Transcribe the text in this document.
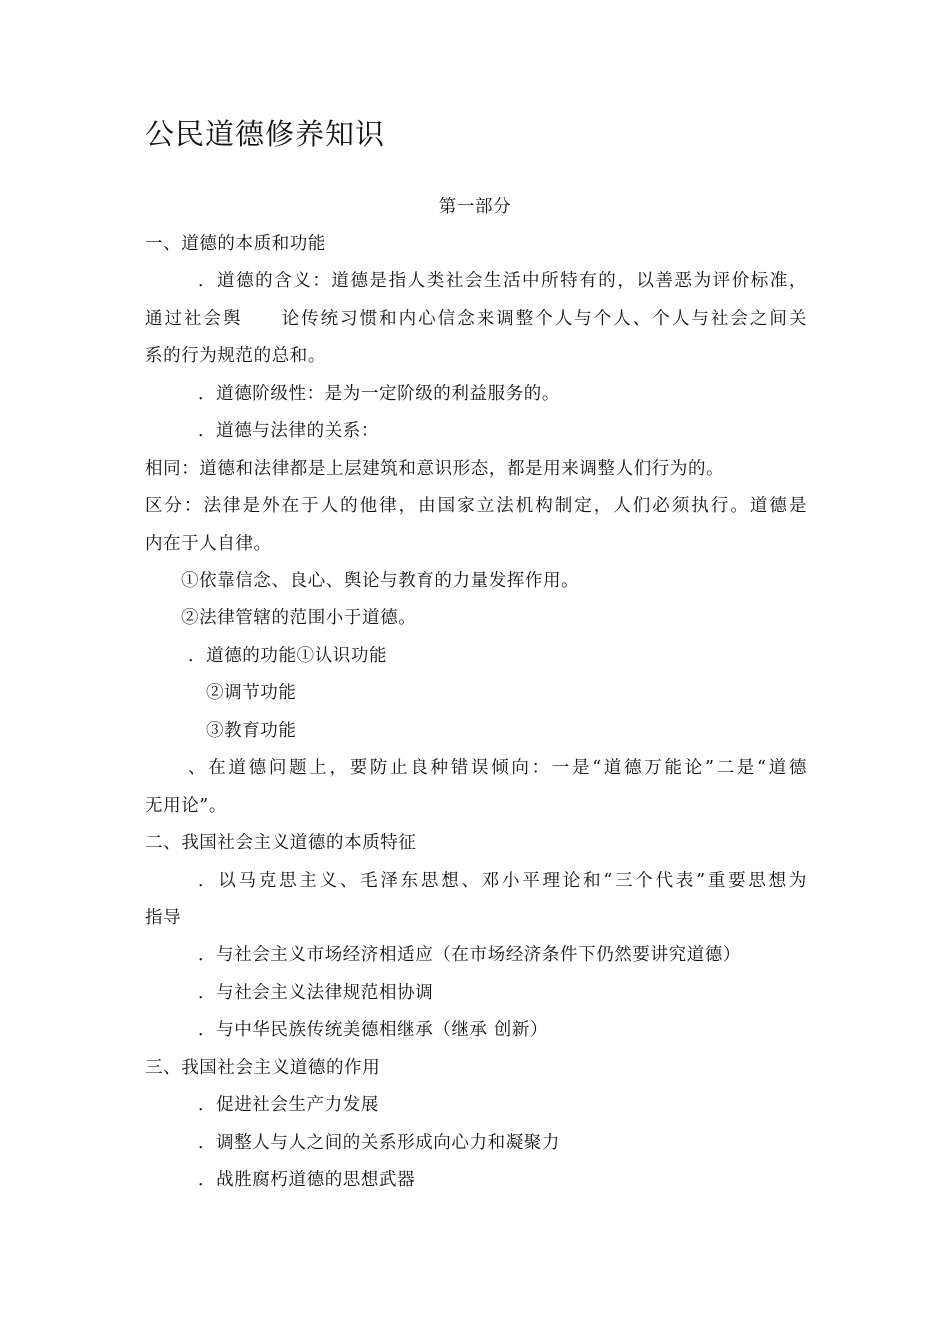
公民道德修养知识
第一部分
一、道德的本质和功能
．道德的含义：道德是指人类社会生活中所特有的，以善恶为评价标准，
通过社会舆　　论传统习惯和内心信念来调整个人与个人、个人与社会之间关
系的行为规范的总和。
．道德阶级性：是为一定阶级的利益服务的。
．道德与法律的关系：
相同：道德和法律都是上层建筑和意识形态，都是用来调整人们行为的。
区分：法律是外在于人的他律，由国家立法机构制定，人们必须执行。道德是
内在于人自律。
①依靠信念、良心、舆论与教育的力量发挥作用。
②法律管辖的范围小于道德。
．道德的功能①认识功能
②调节功能
③教育功能
、在道德问题上，要防止良种错误倾向：一是“道德万能论”二是“道德
无用论”。
二、我国社会主义道德的本质特征
．以马克思主义、毛泽东思想、邓小平理论和“三个代表”重要思想为
指导
．与社会主义市场经济相适应（在市场经济条件下仍然要讲究道德）
．与社会主义法律规范相协调
．与中华民族传统美德相继承（继承 创新）
三、我国社会主义道德的作用
．促进社会生产力发展
．调整人与人之间的关系形成向心力和凝聚力
．战胜腐朽道德的思想武器
